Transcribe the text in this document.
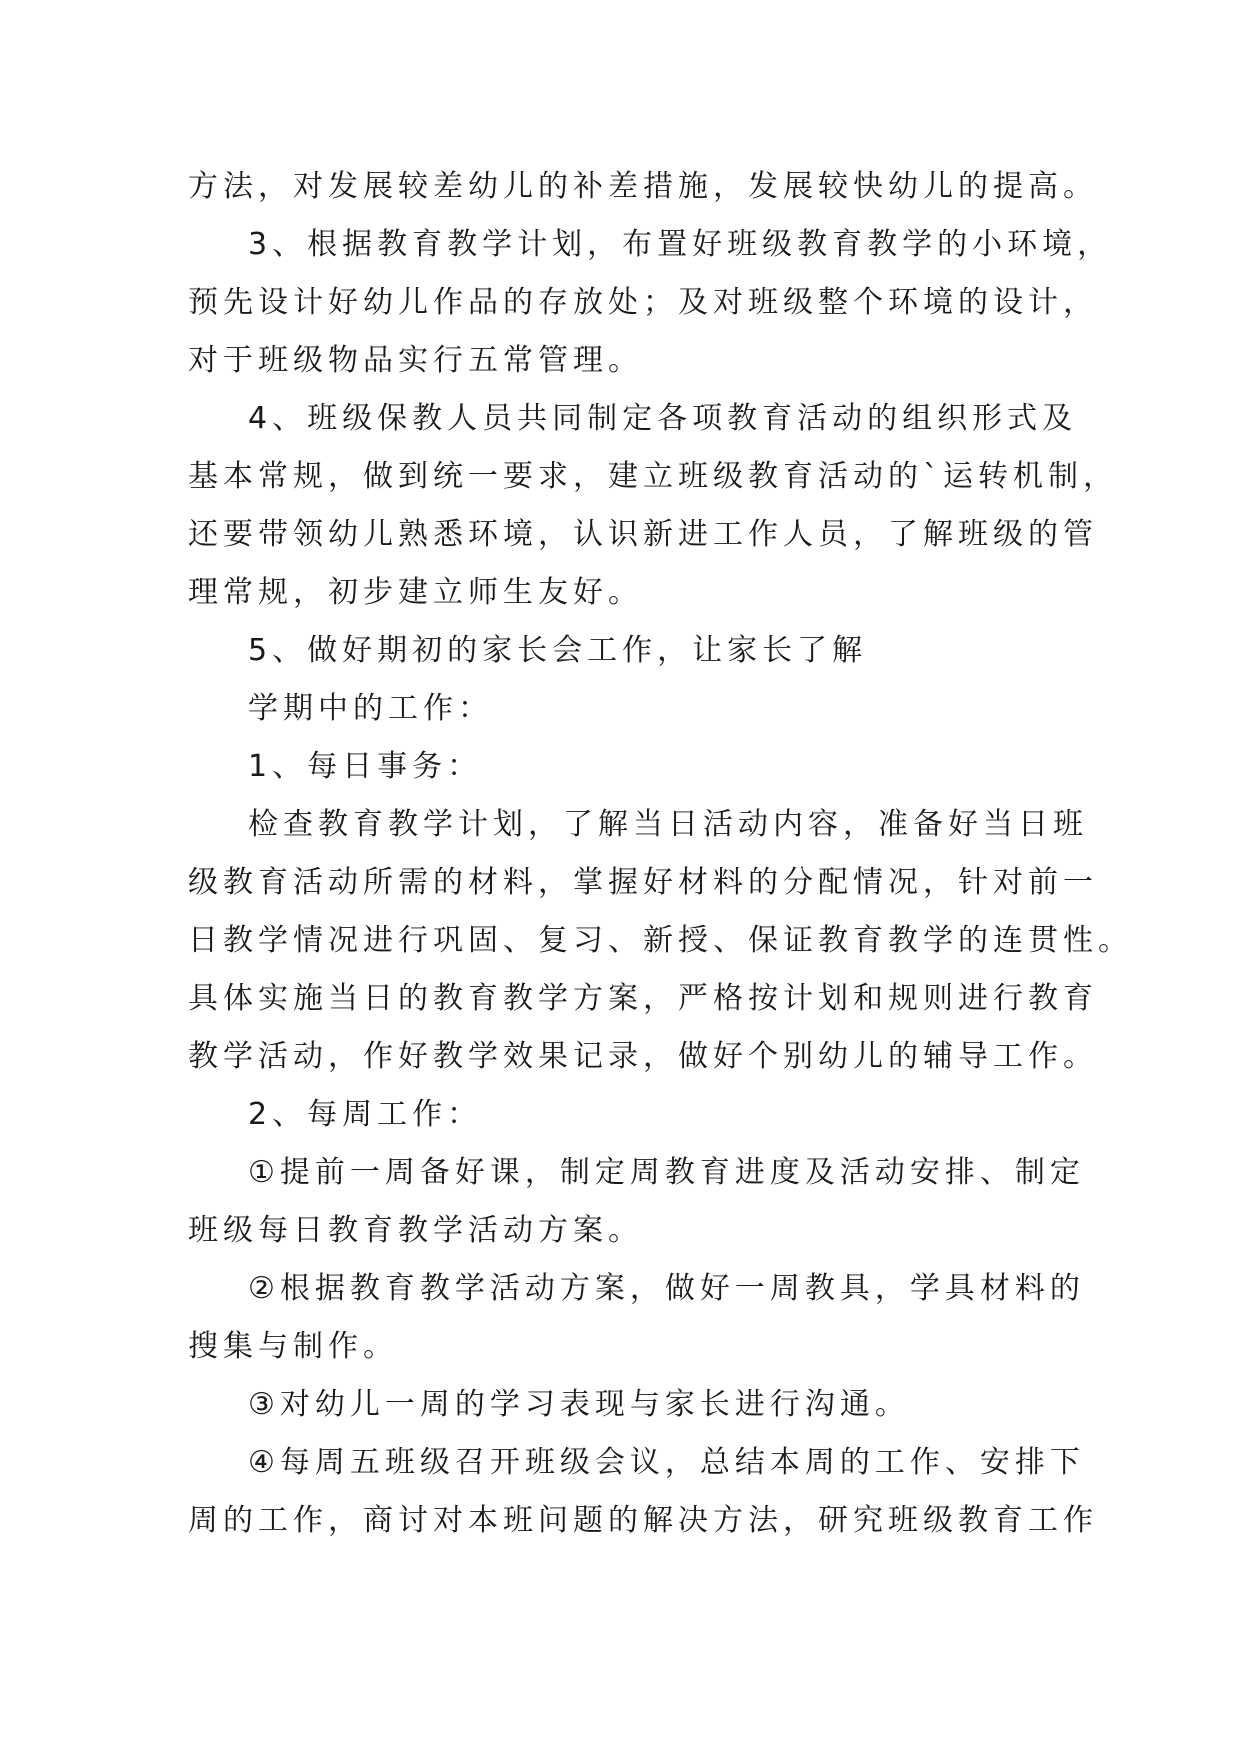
方法，对发展较差幼儿的补差措施，发展较快幼儿的提高。
3、根据教育教学计划，布置好班级教育教学的小环境，
预先设计好幼儿作品的存放处；及对班级整个环境的设计，
对于班级物品实行五常管理。
4、班级保教人员共同制定各项教育活动的组织形式及
基本常规，做到统一要求，建立班级教育活动的`运转机制，
还要带领幼儿熟悉环境，认识新进工作人员，了解班级的管
理常规，初步建立师生友好。
5、做好期初的家长会工作，让家长了解
学期中的工作：
1、每日事务：
检查教育教学计划，了解当日活动内容，准备好当日班
级教育活动所需的材料，掌握好材料的分配情况，针对前一
日教学情况进行巩固、复习、新授、保证教育教学的连贯性。
具体实施当日的教育教学方案，严格按计划和规则进行教育
教学活动，作好教学效果记录，做好个别幼儿的辅导工作。
2、每周工作：
①提前一周备好课，制定周教育进度及活动安排、制定
班级每日教育教学活动方案。
②根据教育教学活动方案，做好一周教具，学具材料的
搜集与制作。
③对幼儿一周的学习表现与家长进行沟通。
④每周五班级召开班级会议，总结本周的工作、安排下
周的工作，商讨对本班问题的解决方法，研究班级教育工作
